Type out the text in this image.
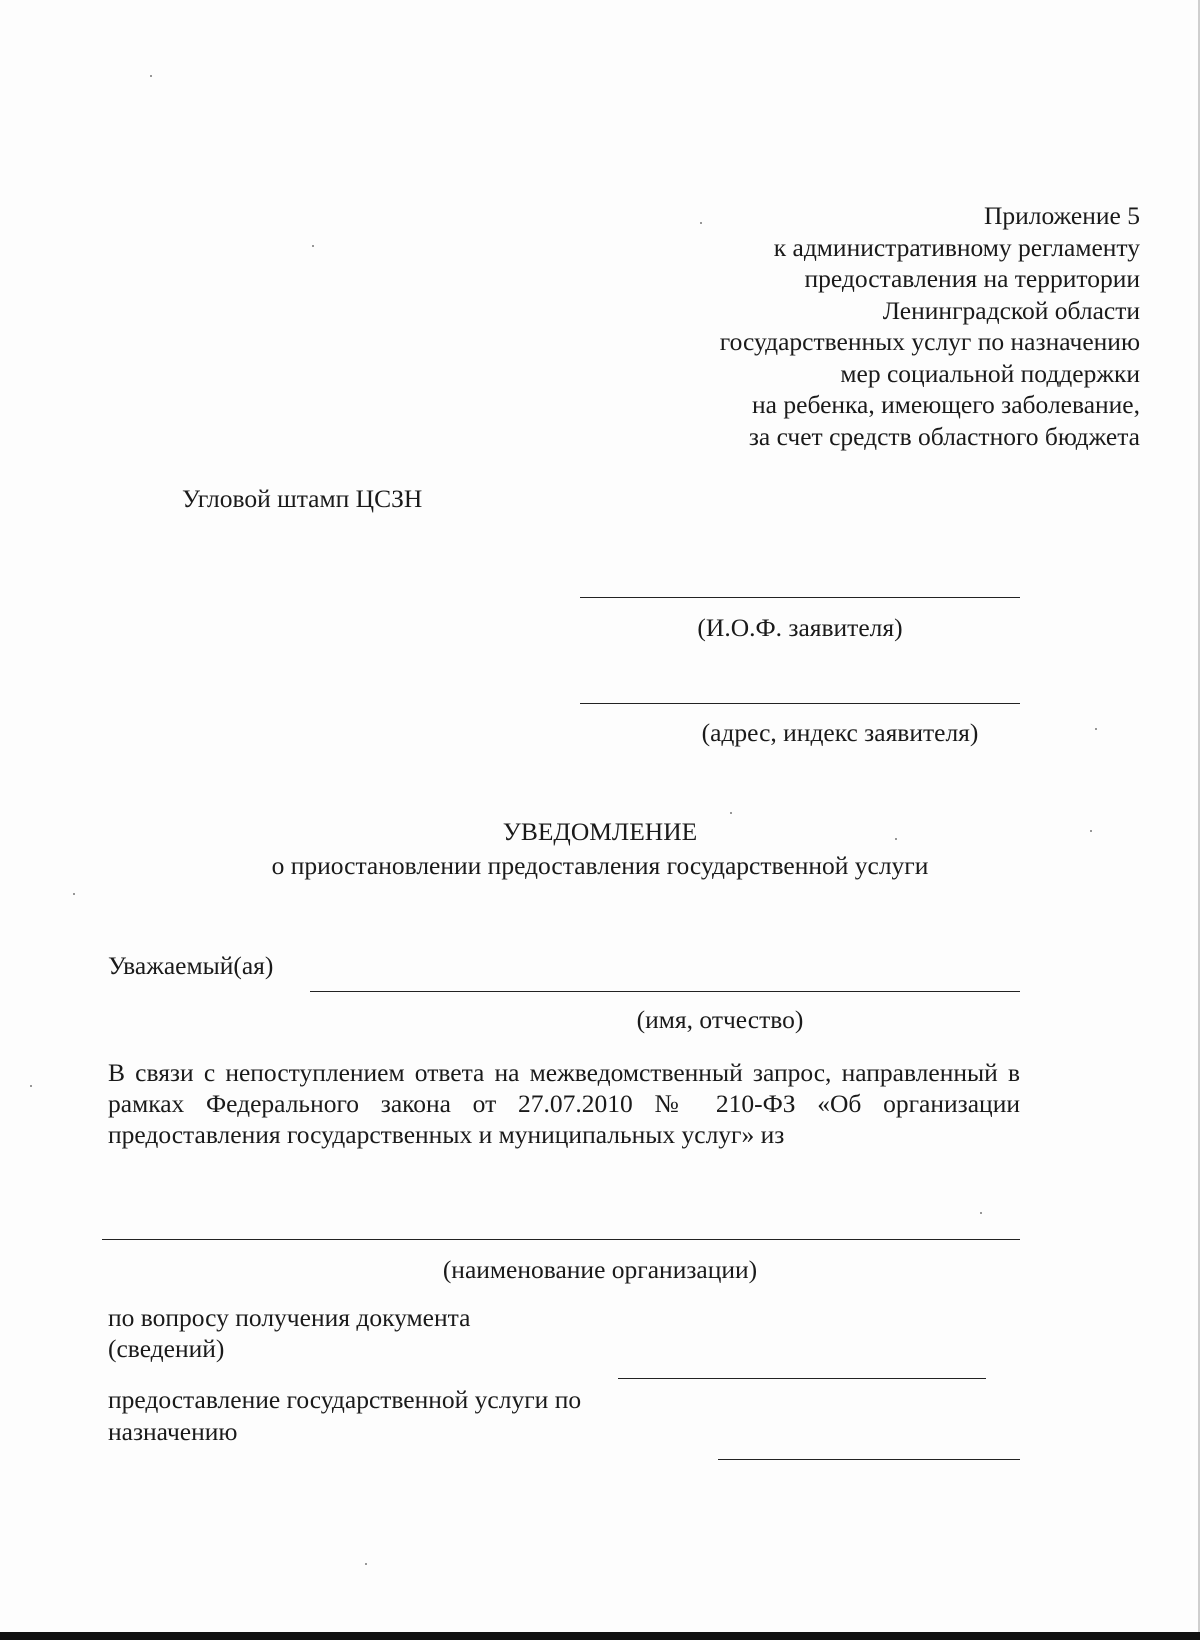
Приложение 5
к административному регламенту
предоставления на территории
Ленинградской области
государственных услуг по назначению
мер социальной поддержки
на ребенка, имеющего заболевание,
за счет средств областного бюджета
Угловой штамп ЦСЗН
(И.О.Ф. заявителя)
(адрес, индекс заявителя)
УВЕДОМЛЕНИЕ
о приостановлении предоставления государственной услуги
Уважаемый(ая)
(имя, отчество)
В связи с непоступлением ответа на межведомственный запрос, направленный в рамках Федерального закона от 27.07.2010 № 210-ФЗ «Об организации предоставления государственных и муниципальных услуг» из
(наименование организации)
по вопросу получения документа
(сведений)
предоставление государственной услуги по
назначению
